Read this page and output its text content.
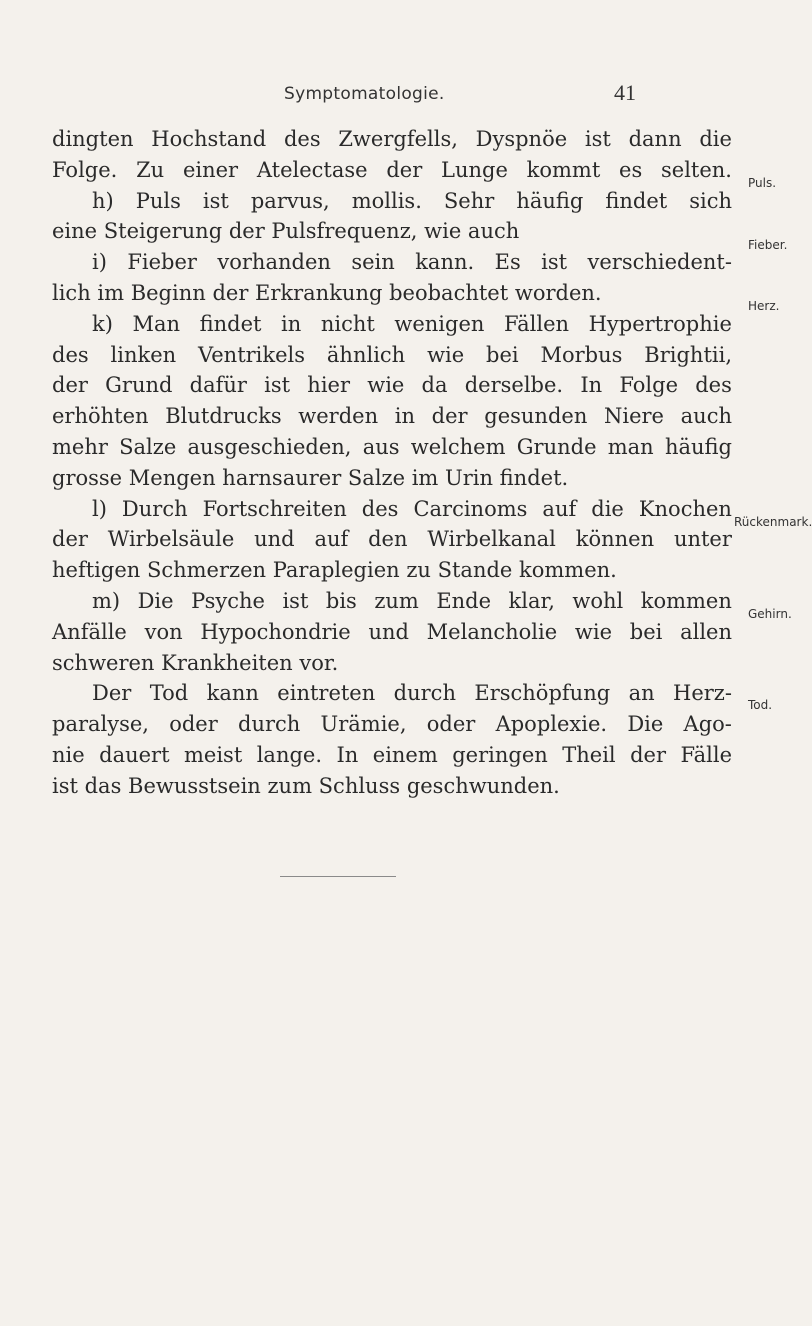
Symptomatologie.	41
dingten Hochstand des Zwergfells, Dyspnöe ist dann die
Folge. Zu einer Atelectase der Lunge kommt es selten.
h) Puls ist parvus, mollis. Sehr häufig findet sich
eine Steigerung der Pulsfrequenz, wie auch
i) Fieber vorhanden sein kann. Es ist verschiedent-
lich im Beginn der Erkrankung beobachtet worden.
k) Man findet in nicht wenigen Fällen Hypertrophie
des linken Ventrikels ähnlich wie bei Morbus Brightii,
der Grund dafür ist hier wie da derselbe. In Folge des
erhöhten Blutdrucks werden in der gesunden Niere auch
mehr Salze ausgeschieden, aus welchem Grunde man häufig
grosse Mengen harnsaurer Salze im Urin findet.
l) Durch Fortschreiten des Carcinoms auf die Knochen
der Wirbelsäule und auf den Wirbelkanal können unter
heftigen Schmerzen Paraplegien zu Stande kommen.
m) Die Psyche ist bis zum Ende klar, wohl kommen
Anfälle von Hypochondrie und Melancholie wie bei allen
schweren Krankheiten vor.
Der Tod kann eintreten durch Erschöpfung an Herz-
paralyse, oder durch Urämie, oder Apoplexie. Die Ago-
nie dauert meist lange. In einem geringen Theil der Fälle
ist das Bewusstsein zum Schluss geschwunden.
Puls.
Fieber.
Herz.
Rückenmark.
Gehirn.
Tod.
